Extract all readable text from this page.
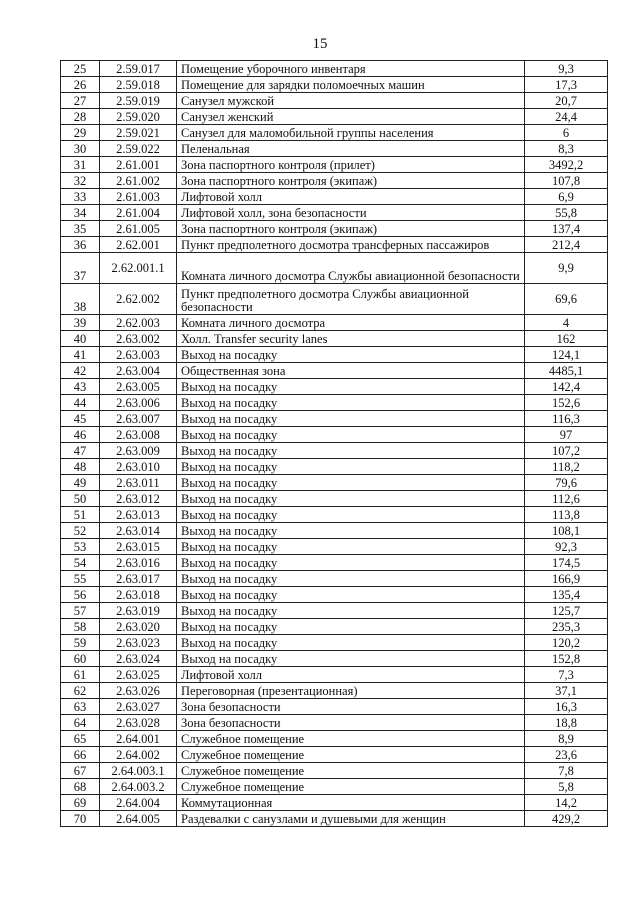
15
25	2.59.017	Помещение уборочного инвентаря	9,3
26	2.59.018	Помещение для зарядки поломоечных машин	17,3
27	2.59.019	Санузел мужской	20,7
28	2.59.020	Санузел женский	24,4
29	2.59.021	Санузел для маломобильной группы населения	6
30	2.59.022	Пеленальная	8,3
31	2.61.001	Зона паспортного контроля (прилет)	3492,2
32	2.61.002	Зона паспортного контроля (экипаж)	107,8
33	2.61.003	Лифтовой холл	6,9
34	2.61.004	Лифтовой холл, зона безопасности	55,8
35	2.61.005	Зона паспортного контроля (экипаж)	137,4
36	2.62.001	Пункт предполетного досмотра трансферных пассажиров	212,4
37	2.62.001.1	Комната личного досмотра Службы авиационной безопасности	9,9
38	2.62.002	Пункт предполетного досмотра Службы авиационной безопасности	69,6
39	2.62.003	Комната личного досмотра	4
40	2.63.002	Холл. Transfer security lanes	162
41	2.63.003	Выход на посадку	124,1
42	2.63.004	Общественная зона	4485,1
43	2.63.005	Выход на посадку	142,4
44	2.63.006	Выход на посадку	152,6
45	2.63.007	Выход на посадку	116,3
46	2.63.008	Выход на посадку	97
47	2.63.009	Выход на посадку	107,2
48	2.63.010	Выход на посадку	118,2
49	2.63.011	Выход на посадку	79,6
50	2.63.012	Выход на посадку	112,6
51	2.63.013	Выход на посадку	113,8
52	2.63.014	Выход на посадку	108,1
53	2.63.015	Выход на посадку	92,3
54	2.63.016	Выход на посадку	174,5
55	2.63.017	Выход на посадку	166,9
56	2.63.018	Выход на посадку	135,4
57	2.63.019	Выход на посадку	125,7
58	2.63.020	Выход на посадку	235,3
59	2.63.023	Выход на посадку	120,2
60	2.63.024	Выход на посадку	152,8
61	2.63.025	Лифтовой холл	7,3
62	2.63.026	Переговорная (презентационная)	37,1
63	2.63.027	Зона безопасности	16,3
64	2.63.028	Зона безопасности	18,8
65	2.64.001	Служебное помещение	8,9
66	2.64.002	Служебное помещение	23,6
67	2.64.003.1	Служебное помещение	7,8
68	2.64.003.2	Служебное помещение	5,8
69	2.64.004	Коммутационная	14,2
70	2.64.005	Раздевалки с санузлами и душевыми для женщин	429,2
